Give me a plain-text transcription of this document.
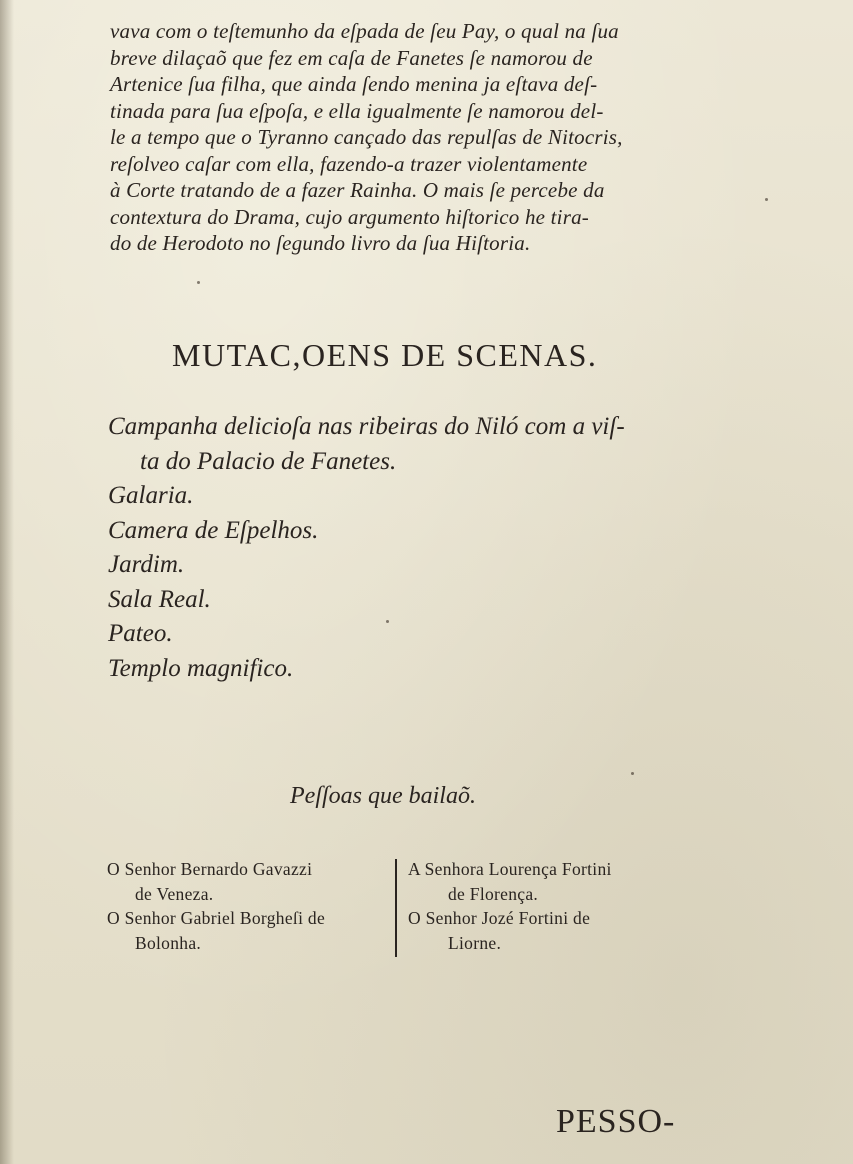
vava com o teſtemunho da eſpada de ſeu Pay, o qual na ſua
breve dilaçaõ que fez em caſa de Fanetes ſe namorou de
Artenice ſua filha, que ainda ſendo menina ja eſtava deſ-
tinada para ſua eſpoſa, e ella igualmente ſe namorou del-
le a tempo que o Tyranno cançado das repulſas de Nitocris,
reſolveo caſar com ella, fazendo-a trazer violentamente
à Corte tratando de a fazer Rainha. O mais ſe percebe da
contextura do Drama, cujo argumento hiſtorico he tira-
do de Herodoto no ſegundo livro da ſua Hiſtoria.
MUTAC,OENS DE SCENAS.
Campanha delicioſa nas ribeiras do Niló com a viſ-
ta do Palacio de Fanetes.
Galaria.
Camera de Eſpelhos.
Jardim.
Sala Real.
Pateo.
Templo magnifico.
Peſſoas que bailaõ.
O Senhor Bernardo Gavazzi
de Veneza.
O Senhor Gabriel Borgheſi de
Bolonha.
A Senhora Lourença Fortini
de Florença.
O Senhor Jozé Fortini de
Liorne.
PESSO-
